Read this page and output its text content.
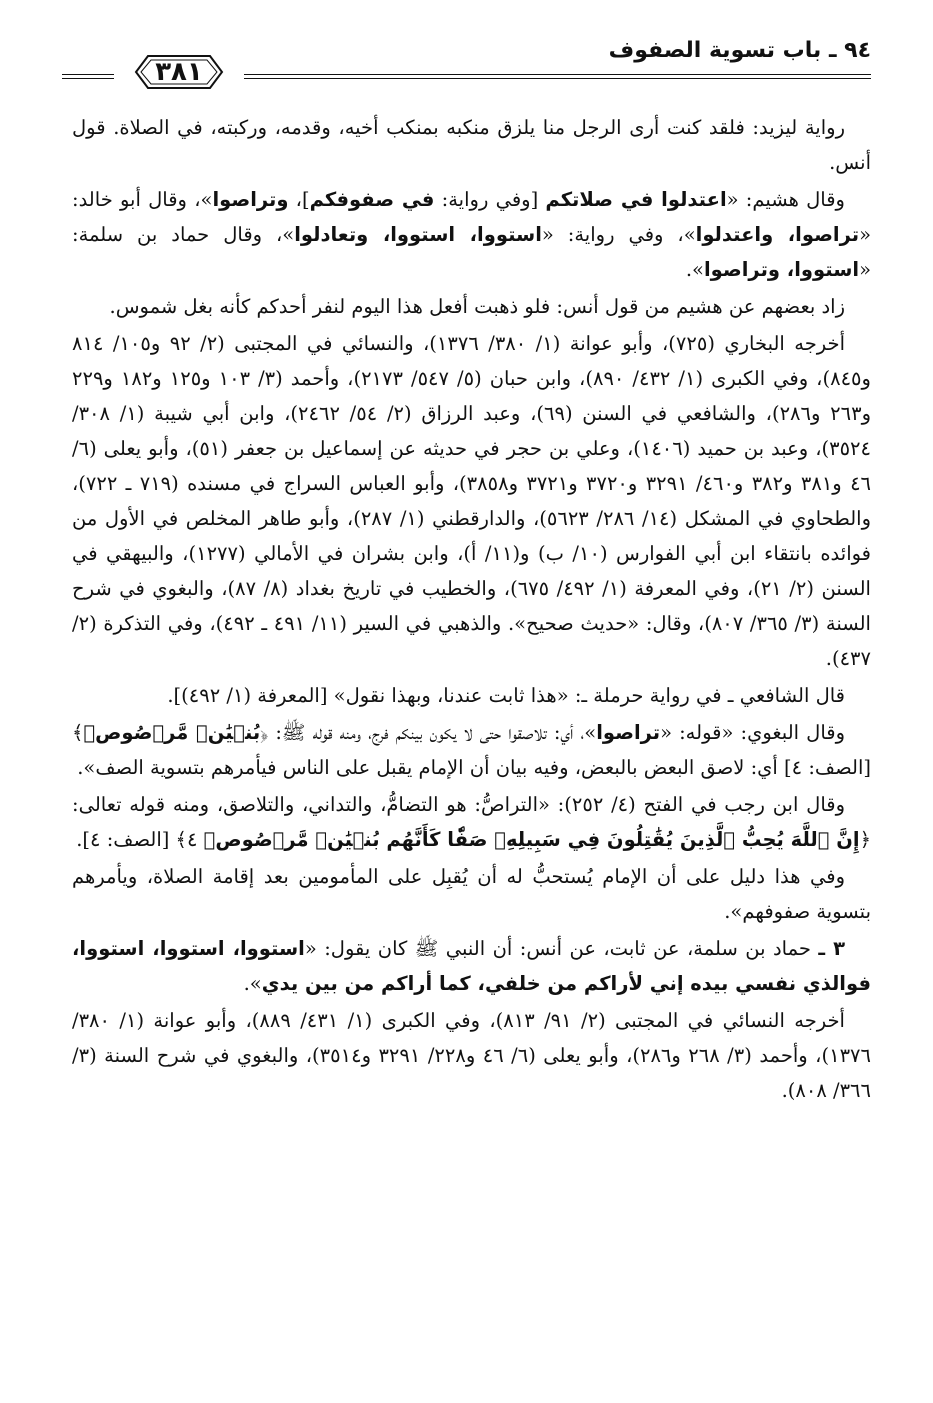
٩٤ ـ باب تسوية الصفوف
٣٨١

رواية ليزيد: فلقد كنت أرى الرجل منا يلزق منكبه بمنكب أخيه، وقدمه، وركبته، في الصلاة. قول أنس.

وقال هشيم: «اعتدلوا في صلاتكم [وفي رواية: في صفوفكم]، وتراصوا»، وقال أبو خالد: «تراصوا، واعتدلوا»، وفي رواية: «استووا، استووا، وتعادلوا»، وقال حماد بن سلمة: «استووا، وتراصوا».

زاد بعضهم عن هشيم من قول أنس: فلو ذهبت أفعل هذا اليوم لنفر أحدكم كأنه بغل شموس.

أخرجه البخاري (٧٢٥)، وأبو عوانة (١/ ٣٨٠/ ١٣٧٦)، والنسائي في المجتبى (٢/ ٩٢ و١٠٥/ ٨١٤ و٨٤٥)، وفي الكبرى (١/ ٤٣٢/ ٨٩٠)، وابن حبان (٥/ ٥٤٧/ ٢١٧٣)، وأحمد (٣/ ١٠٣ و١٢٥ و١٨٢ و٢٢٩ و٢٦٣ و٢٨٦)، والشافعي في السنن (٦٩)، وعبد الرزاق (٢/ ٥٤/ ٢٤٦٢)، وابن أبي شيبة (١/ ٣٠٨/ ٣٥٢٤)، وعبد بن حميد (١٤٠٦)، وعلي بن حجر في حديثه عن إسماعيل بن جعفر (٥١)، وأبو يعلى (٦/ ٤٦ و٣٨١ و٣٨٢ و٤٦٠/ ٣٢٩١ و٣٧٢٠ و٣٧٢١ و٣٨٥٨)، وأبو العباس السراج في مسنده (٧١٩ ـ ٧٢٢)، والطحاوي في المشكل (١٤/ ٢٨٦/ ٥٦٢٣)، والدارقطني (١/ ٢٨٧)، وأبو طاهر المخلص في الأول من فوائده بانتقاء ابن أبي الفوارس (١٠/ ب) و(١١/ أ)، وابن بشران في الأمالي (١٢٧٧)، والبيهقي في السنن (٢/ ٢١)، وفي المعرفة (١/ ٤٩٢/ ٦٧٥)، والخطيب في تاريخ بغداد (٨/ ٨٧)، والبغوي في شرح السنة (٣/ ٣٦٥/ ٨٠٧)، وقال: «حديث صحيح». والذهبي في السير (١١/ ٤٩١ ـ ٤٩٢)، وفي التذكرة (٢/ ٤٣٧).

قال الشافعي ـ في رواية حرملة ـ: «هذا ثابت عندنا، وبهذا نقول» [المعرفة (١/ ٤٩٢)].

وقال البغوي: «قوله: «تراصوا»، أي: تلاصقوا حتى لا يكون بينكم فرج، ومنه قوله ﷺ: ﴿بُنۡيَٰنٞ مَّرۡصُوصٞ﴾ [الصف: ٤] أي: لاصق البعض بالبعض، وفيه بيان أن الإمام يقبل على الناس فيأمرهم بتسوية الصف».

وقال ابن رجب في الفتح (٤/ ٢٥٢): «التراصُّ: هو التضامُّ، والتداني، والتلاصق، ومنه قوله تعالى: ﴿إِنَّ ٱللَّهَ يُحِبُّ ٱلَّذِينَ يُقَٰتِلُونَ فِي سَبِيلِهِۦ صَفّٗا كَأَنَّهُم بُنۡيَٰنٞ مَّرۡصُوصٞ ٤﴾ [الصف: ٤].

وفي هذا دليل على أن الإمام يُستحبُّ له أن يُقبِل على المأمومين بعد إقامة الصلاة، ويأمرهم بتسوية صفوفهم».

٣ ـ حماد بن سلمة، عن ثابت، عن أنس: أن النبي ﷺ كان يقول: «استووا، استووا، استووا، فوالذي نفسي بيده إني لأراكم من خلفي، كما أراكم من بين يدي».

أخرجه النسائي في المجتبى (٢/ ٩١/ ٨١٣)، وفي الكبرى (١/ ٤٣١/ ٨٨٩)، وأبو عوانة (١/ ٣٨٠/ ١٣٧٦)، وأحمد (٣/ ٢٦٨ و٢٨٦)، وأبو يعلى (٦/ ٤٦ و٢٢٨/ ٣٢٩١ و٣٥١٤)، والبغوي في شرح السنة (٣/ ٣٦٦/ ٨٠٨).
